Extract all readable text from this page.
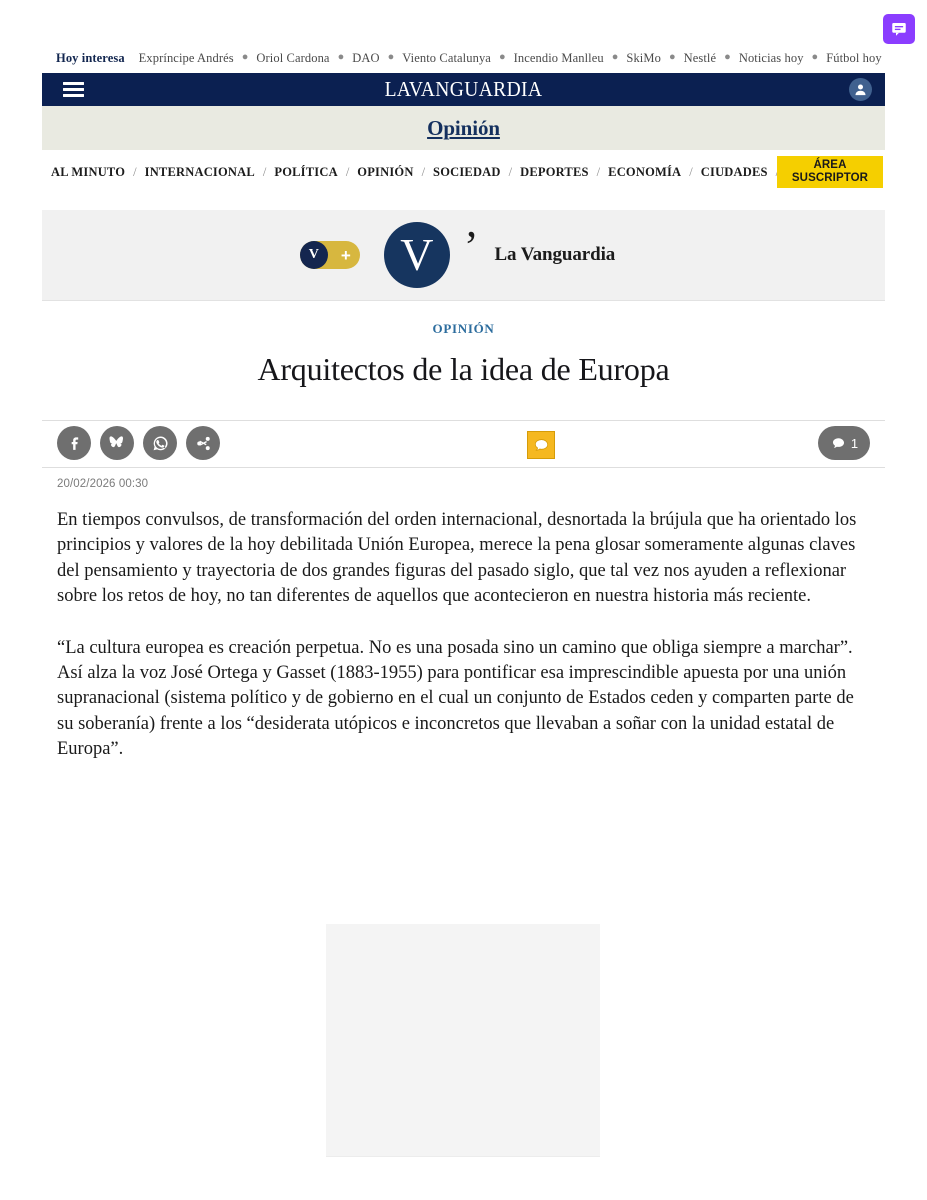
Hoy interesa Expríncipe Andrés ● Oriol Cardona ● DAO ● Viento Catalunya ● Incendio Manlleu ● SkiMo ● Nestlé ● Noticias hoy ● Fútbol hoy
LAVANGUARDIA
Opinión
AL MINUTO / INTERNACIONAL / POLÍTICA / OPINIÓN / SOCIEDAD / DEPORTES / ECONOMÍA / CIUDADES	ÁREA
SUSCRIPTOR
V	+	V ’ La Vanguardia
OPINIÓN
Arquitectos de la idea de Europa
1
20/02/2026 00:30

En tiempos convulsos, de transformación del orden internacional, desnortada la brújula que ha orientado los principios y valores de la hoy debilitada Unión Europea, merece la pena glosar someramente algunas claves del pensamiento y trayectoria de dos grandes figuras del pasado siglo, que tal vez nos ayuden a reflexionar sobre los retos de hoy, no tan diferentes de aquellos que acontecieron en nuestra historia más reciente.

“La cultura europea es creación perpetua. No es una posada sino un camino que obliga siempre a marchar”. Así alza la voz José Ortega y Gasset (1883-1955) para pontificar esa imprescindible apuesta por una unión supranacional (sistema político y de gobierno en el cual un conjunto de Estados ceden y comparten parte de su soberanía) frente a los “desiderata utópicos e inconcretos que llevaban a soñar con la unidad estatal de Europa”.
